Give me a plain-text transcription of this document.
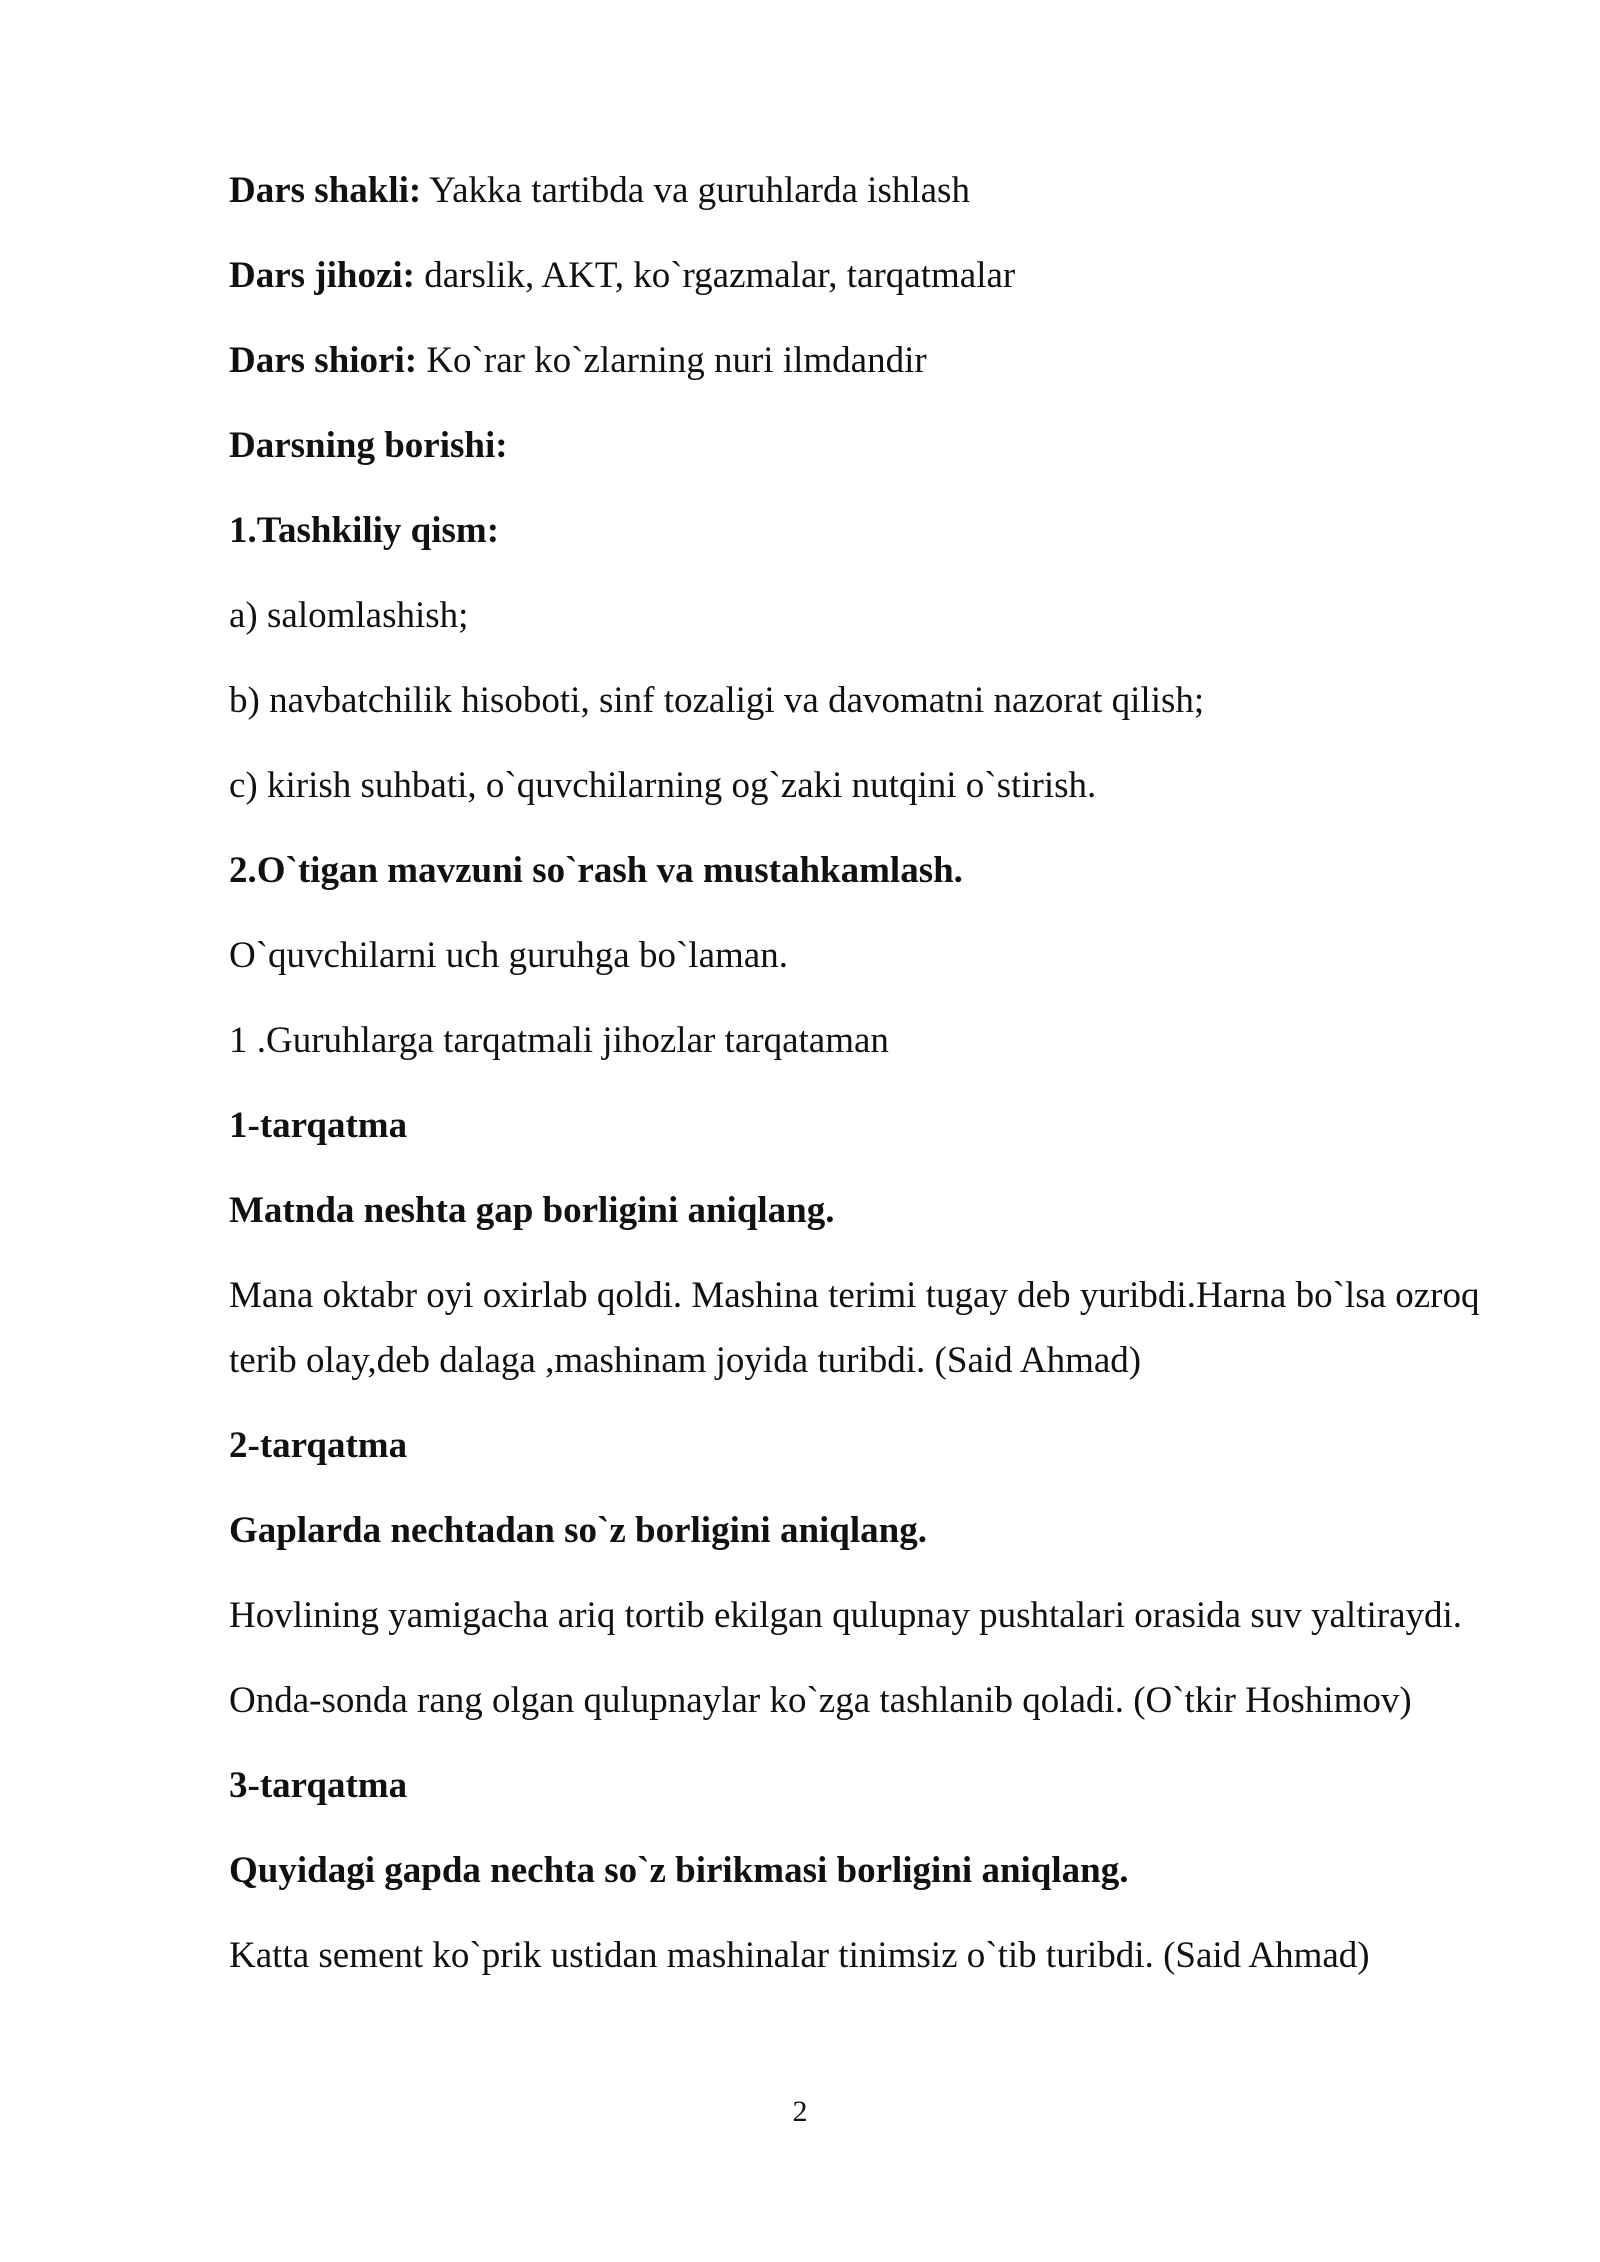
Dars shakli: Yakka tartibda va guruhlarda ishlash

Dars jihozi: darslik, AKT, ko`rgazmalar, tarqatmalar

Dars shiori: Ko`rar ko`zlarning nuri ilmdandir

Darsning borishi:

1.Tashkiliy qism:

a) salomlashish;

b) navbatchilik hisoboti, sinf tozaligi va davomatni nazorat qilish;

c) kirish suhbati, o`quvchilarning og`zaki nutqini o`stirish.

2.O`tigan mavzuni so`rash va mustahkamlash.

O`quvchilarni uch guruhga bo`laman.

1 .Guruhlarga tarqatmali jihozlar tarqataman

1-tarqatma

Matnda neshta gap borligini aniqlang.

Mana oktabr oyi oxirlab qoldi. Mashina terimi tugay deb yuribdi.Harna bo`lsa ozroq terib olay,deb dalaga ,mashinam joyida turibdi. (Said Ahmad)

2-tarqatma

Gaplarda nechtadan so`z borligini aniqlang.

Hovlining yamigacha ariq tortib ekilgan qulupnay pushtalari orasida suv yaltiraydi.

Onda-sonda rang olgan qulupnaylar ko`zga tashlanib qoladi. (O`tkir Hoshimov)

3-tarqatma

Quyidagi gapda nechta so`z birikmasi borligini aniqlang.

Katta sement ko`prik ustidan mashinalar tinimsiz o`tib turibdi. (Said Ahmad)

2
